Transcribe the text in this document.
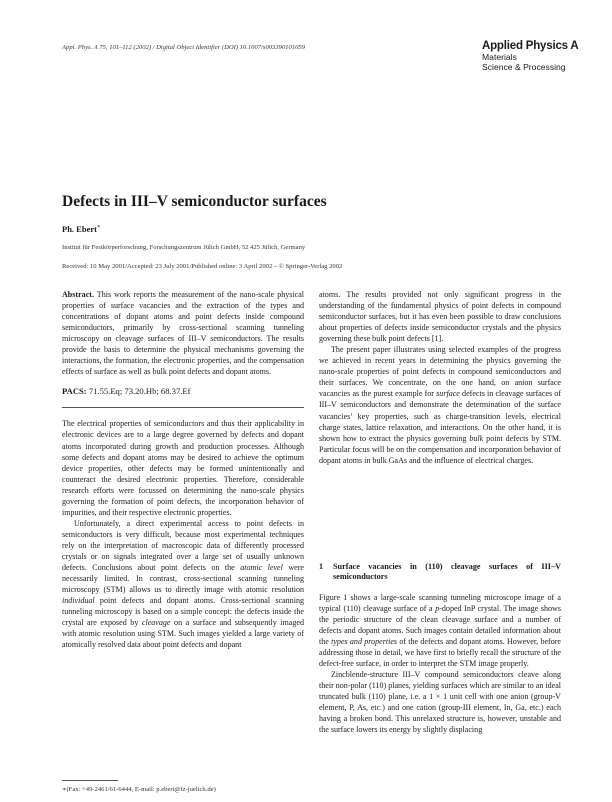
Appl. Phys. A 75, 101–112 (2002) / Digital Object Identifier (DOI) 10.1007/s003390101059	Applied Physics A
Materials
Science & Processing
Defects in III–V semiconductor surfaces
Ph. Ebert∗
Institut für Festkörperforschung, Forschungszentrum Jülich GmbH, 52 425 Jülich, Germany
Received: 10 May 2001/Accepted: 23 July 2001/Published online: 3 April 2002 – © Springer-Verlag 2002

Abstract. This work reports the measurement of the nano-scale physical properties of surface vacancies and the extraction of the types and concentrations of dopant atoms and point defects inside compound semiconductors, primarily by cross-sectional scanning tunneling microscopy on cleavage surfaces of III–V semiconductors. The results provide the basis to determine the physical mechanisms governing the interactions, the formation, the electronic properties, and the compensation effects of surface as well as bulk point defects and dopant atoms.

PACS: 71.55.Eq; 73.20.Hb; 68.37.Ef

The electrical properties of semiconductors and thus their applicability in electronic devices are to a large degree governed by defects and dopant atoms incorporated during growth and production processes. Although some defects and dopant atoms may be desired to achieve the optimum device properties, other defects may be formed unintentionally and counteract the desired electronic properties. Therefore, considerable research efforts were focussed on determining the nano-scale physics governing the formation of point defects, the incorporation behavior of impurities, and their respective electronic properties.

Unfortunately, a direct experimental access to point defects in semiconductors is very difficult, because most experimental techniques rely on the interpretation of macroscopic data of differently processed crystals or on signals integrated over a large set of usually unknown defects. Conclusions about point defects on the atomic level were necessarily limited. In contrast, cross-sectional scanning tunneling microscopy (STM) allows us to directly image with atomic resolution individual point defects and dopant atoms. Cross-sectional scanning tunneling microscopy is based on a simple concept: the defects inside the crystal are exposed by cleavage on a surface and subsequently imaged with atomic resolution using STM. Such images yielded a large variety of atomically resolved data about point defects and dopant

atoms. The results provided not only significant progress in the understanding of the fundamental physics of point defects in compound semiconductor surfaces, but it has even been possible to draw conclusions about properties of defects inside semiconductor crystals and the physics governing these bulk point defects [1].

The present paper illustrates using selected examples of the progress we achieved in recent years in determining the physics governing the nano-scale properties of point defects in compound semiconductors and their surfaces. We concentrate, on the one hand, on anion surface vacancies as the purest example for surface defects in cleavage surfaces of III–V semiconductors and demonstrate the determination of the surface vacancies’ key properties, such as charge-transition levels, electrical charge states, lattice relaxation, and interactions. On the other hand, it is shown how to extract the physics governing bulk point defects by STM. Particular focus will be on the compensation and incorporation behavior of dopant atoms in bulk GaAs and the influence of electrical charges.

1	Surface vacancies in (110) cleavage surfaces of III–V semiconductors

Figure 1 shows a large-scale scanning tunneling microscope image of a typical (110) cleavage surface of a p-doped InP crystal. The image shows the periodic structure of the clean cleavage surface and a number of defects and dopant atoms. Such images contain detailed information about the types and properties of the defects and dopant atoms. However, before addressing those in detail, we have first to briefly recall the structure of the defect-free surface, in order to interpret the STM image properly.

Zincblende-structure III–V compound semiconductors cleave along their non-polar (110) planes, yielding surfaces which are similar to an ideal truncated bulk (110) plane, i.e. a 1 × 1 unit cell with one anion (group-V element, P, As, etc.) and one cation (group-III element, In, Ga, etc.) each having a broken bond. This unrelaxed structure is, however, unstable and the surface lowers its energy by slightly displacing

∗(Fax: +49-2461/61-6444, E-mail: p.ebert@fz-juelich.de)
